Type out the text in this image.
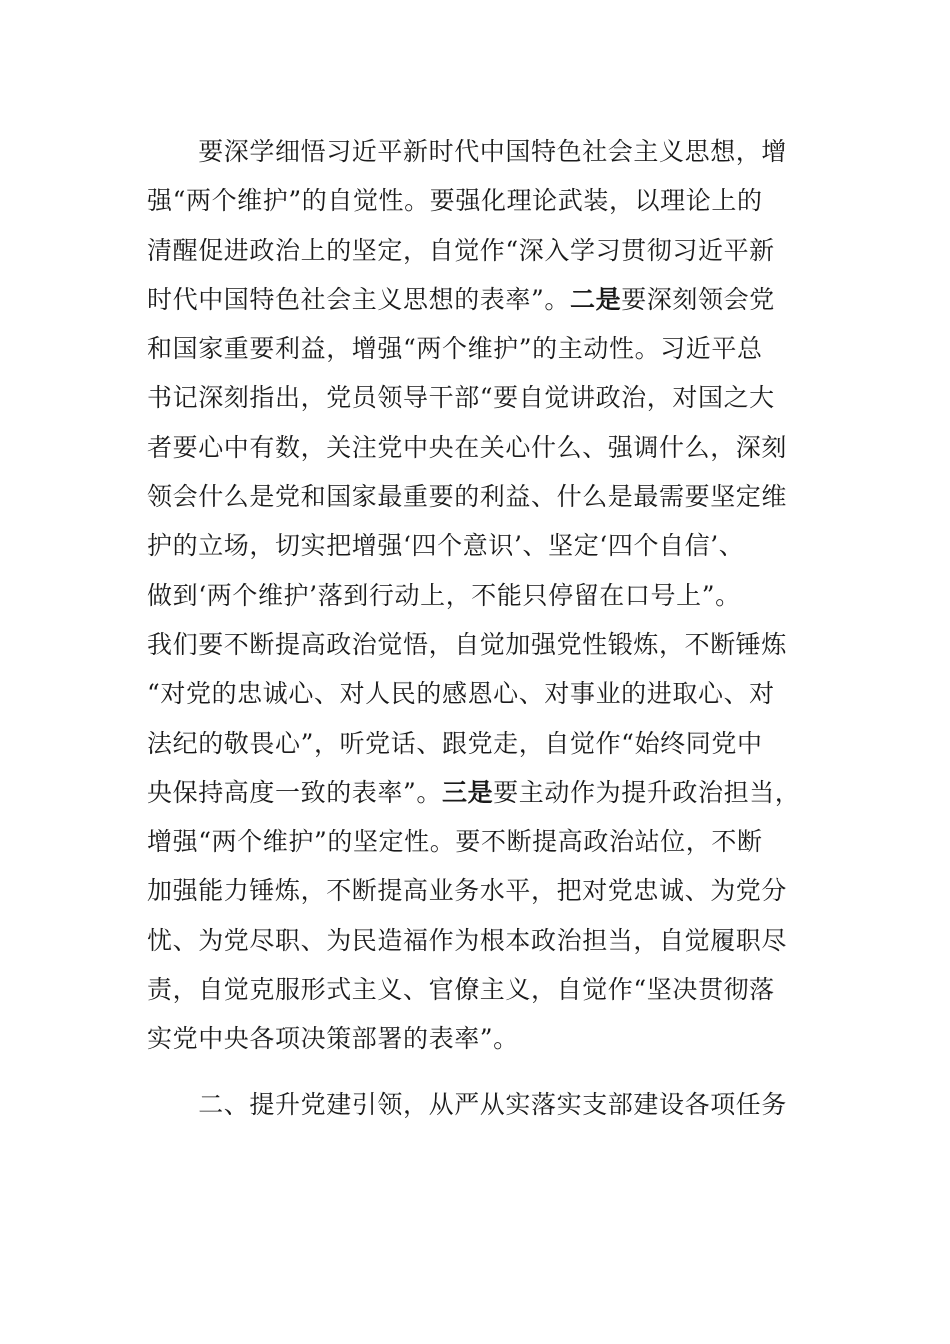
　　要深学细悟习近平新时代中国特色社会主义思想，增
强“两个维护”的自觉性。要强化理论武装，以理论上的
清醒促进政治上的坚定，自觉作“深入学习贯彻习近平新
时代中国特色社会主义思想的表率”。二是要深刻领会党
和国家重要利益，增强“两个维护”的主动性。习近平总
书记深刻指出，党员领导干部“要自觉讲政治，对国之大
者要心中有数，关注党中央在关心什么、强调什么，深刻
领会什么是党和国家最重要的利益、什么是最需要坚定维
护的立场，切实把增强‘四个意识’、坚定‘四个自信’、
做到‘两个维护’落到行动上，不能只停留在口号上”。
我们要不断提高政治觉悟，自觉加强党性锻炼，不断锤炼
“对党的忠诚心、对人民的感恩心、对事业的进取心、对
法纪的敬畏心”，听党话、跟党走，自觉作“始终同党中
央保持高度一致的表率”。三是要主动作为提升政治担当，
增强“两个维护”的坚定性。要不断提高政治站位，不断
加强能力锤炼，不断提高业务水平，把对党忠诚、为党分
忧、为党尽职、为民造福作为根本政治担当，自觉履职尽
责，自觉克服形式主义、官僚主义，自觉作“坚决贯彻落
实党中央各项决策部署的表率”。
　　二、提升党建引领，从严从实落实支部建设各项任务
